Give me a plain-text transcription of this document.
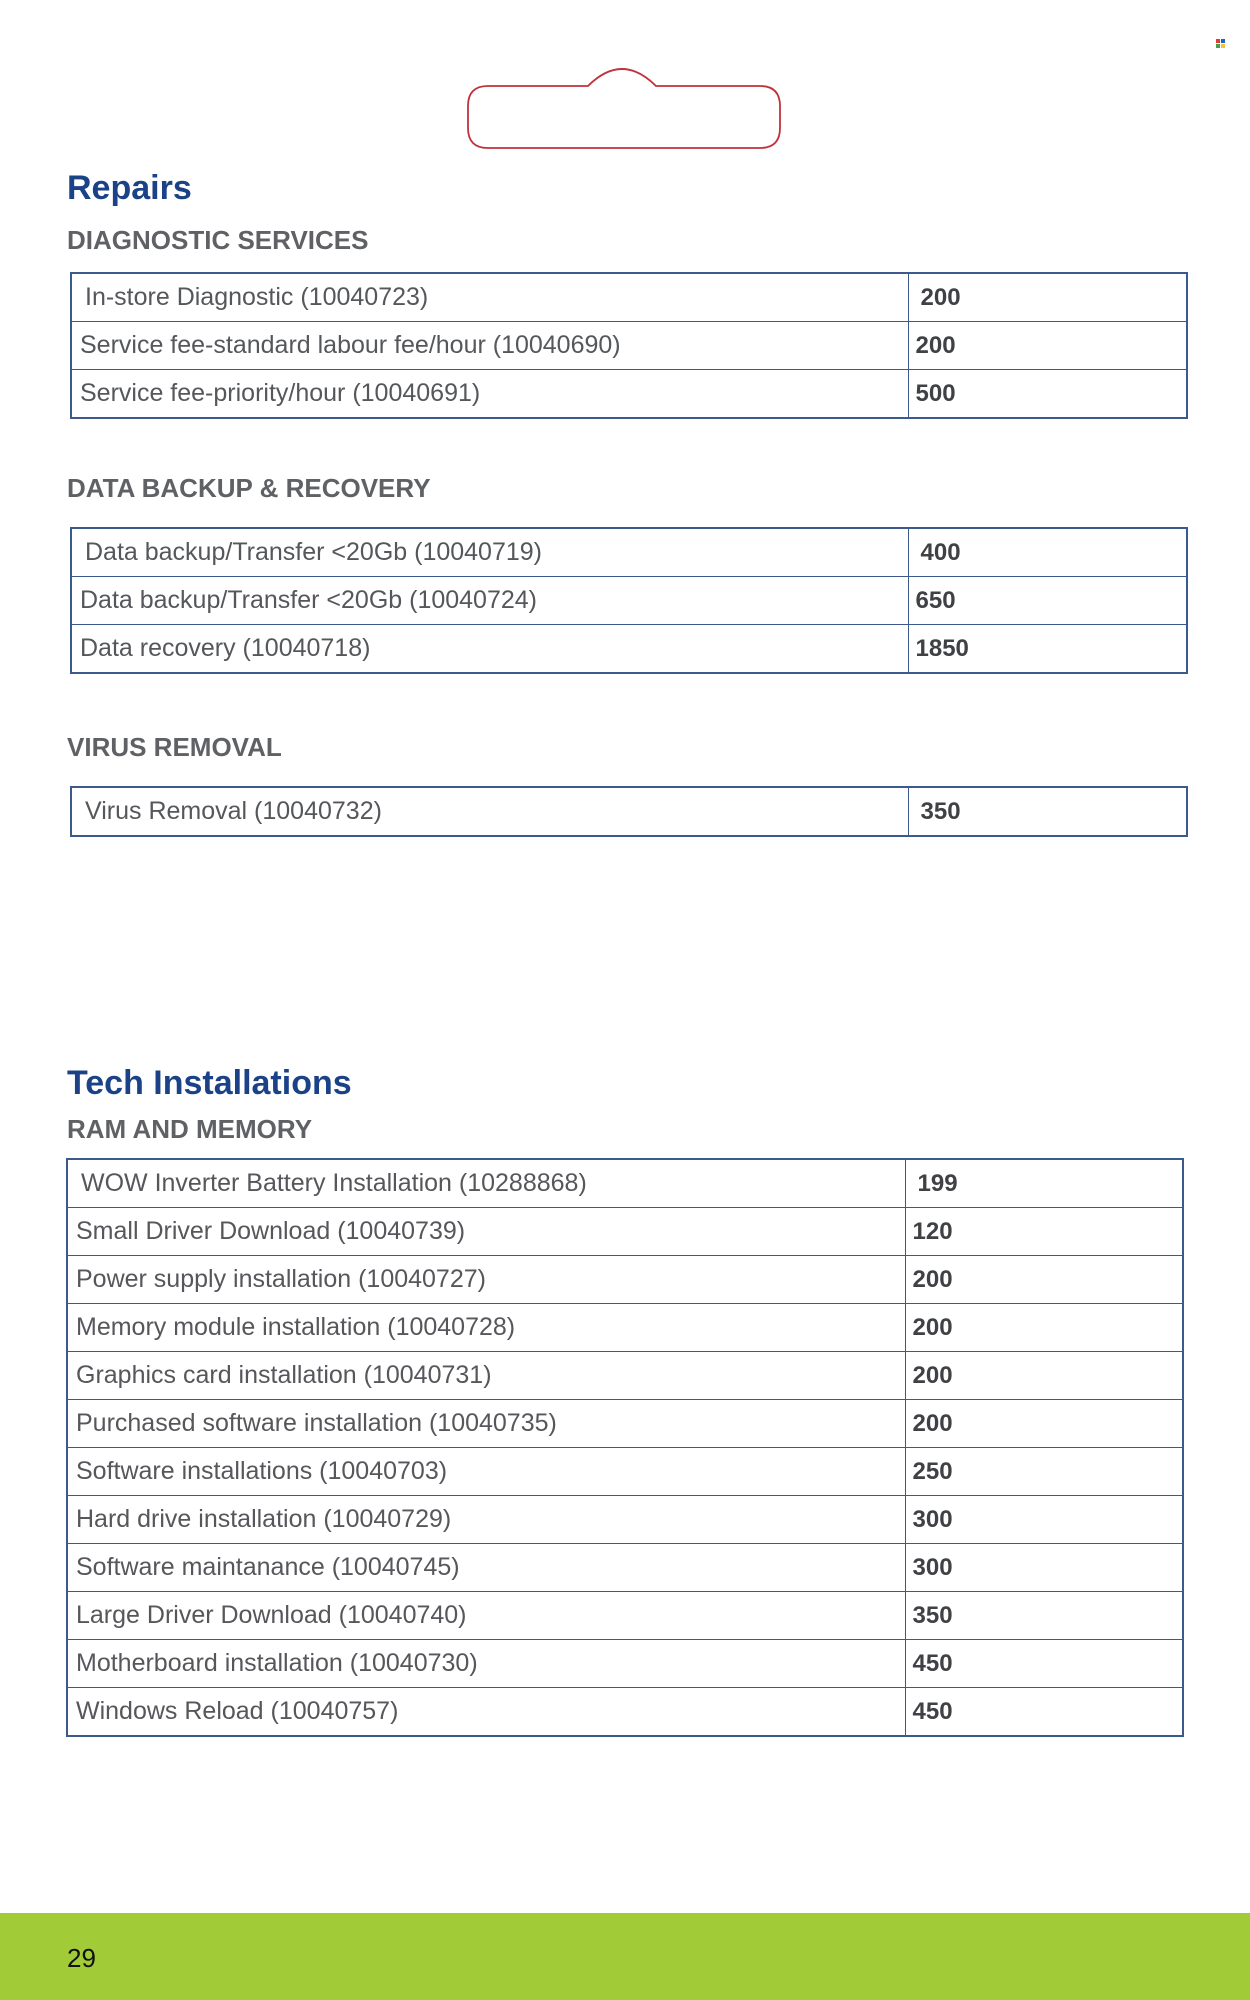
Repairs
DIAGNOSTIC SERVICES
In-store Diagnostic (10040723)	200
Service fee-standard labour fee/hour (10040690)	200
Service fee-priority/hour (10040691)	500
DATA BACKUP & RECOVERY
Data backup/Transfer <20Gb (10040719)	400
Data backup/Transfer <20Gb (10040724)	650
Data recovery (10040718)	1850
VIRUS REMOVAL
Virus Removal (10040732)	350
Tech Installations
RAM AND MEMORY
WOW Inverter Battery Installation (10288868)	199
Small Driver Download (10040739)	120
Power supply installation (10040727)	200
Memory module installation (10040728)	200
Graphics card installation (10040731)	200
Purchased software installation (10040735)	200
Software installations (10040703)	250
Hard drive installation (10040729)	300
Software maintanance (10040745)	300
Large Driver Download (10040740)	350
Motherboard installation (10040730)	450
Windows Reload (10040757)	450
29
